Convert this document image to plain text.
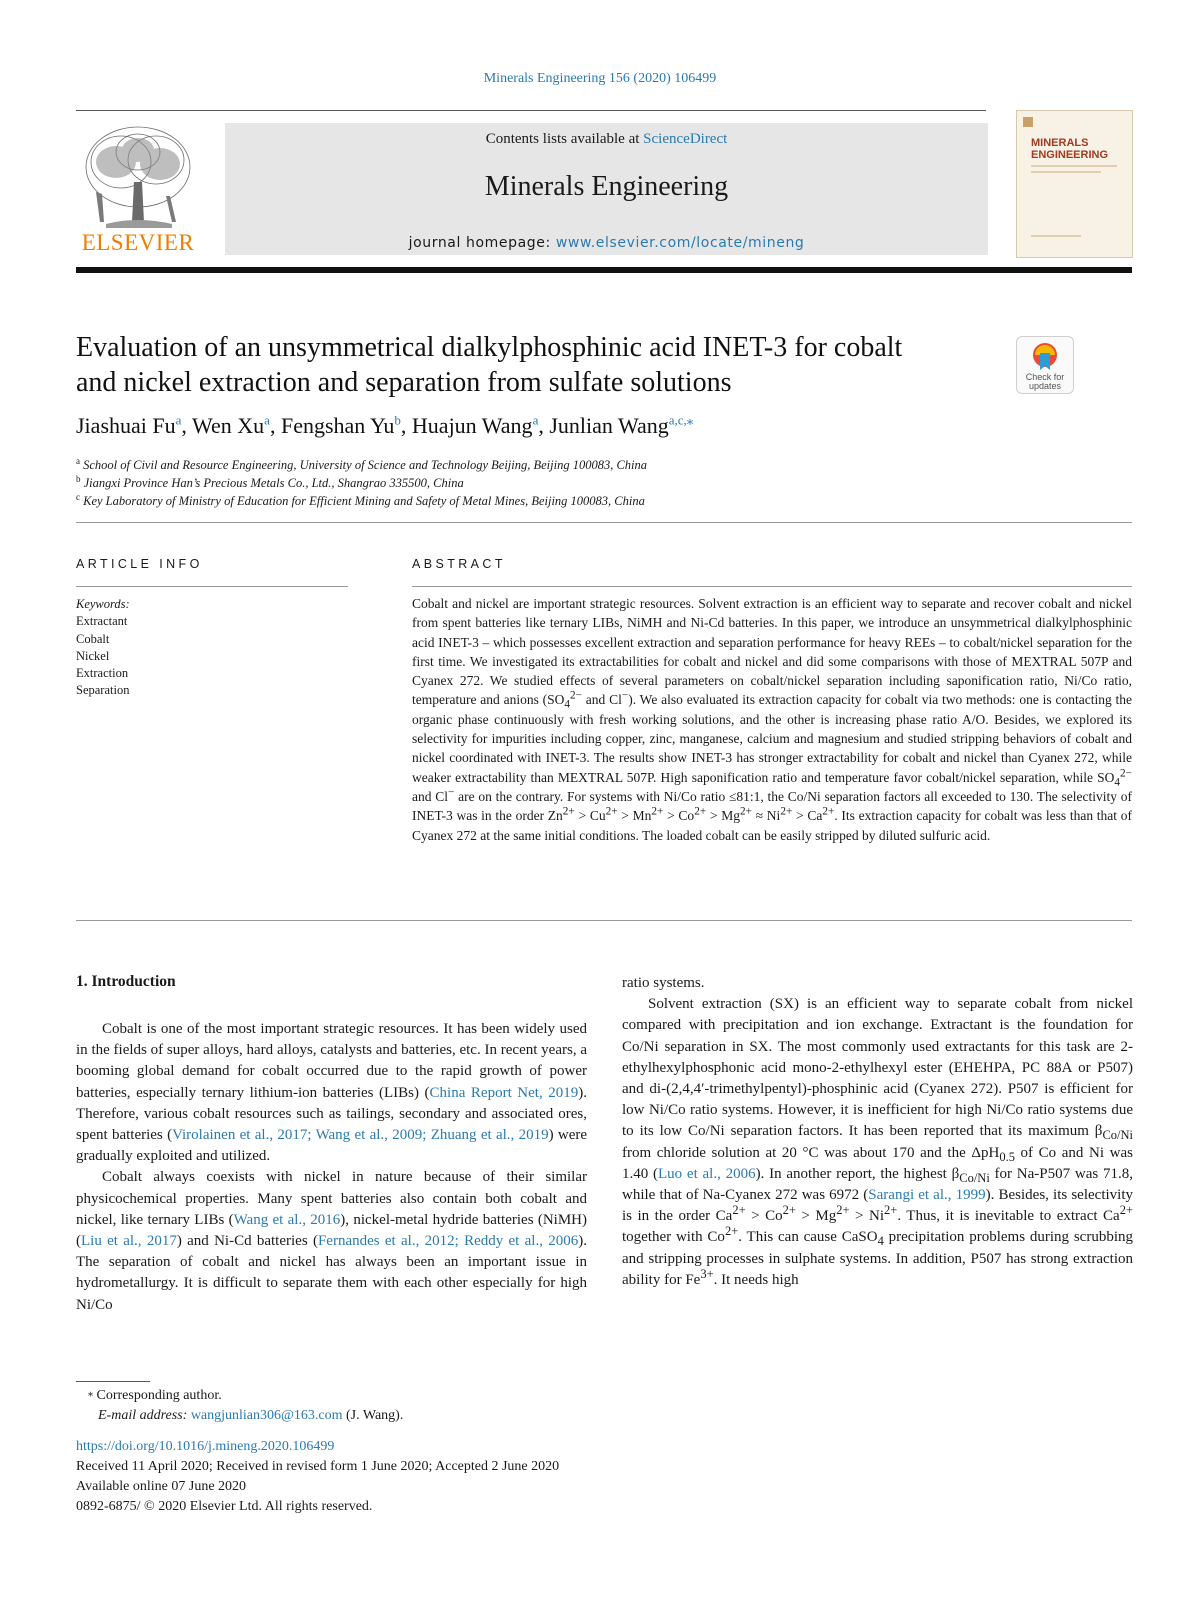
Minerals Engineering 156 (2020) 106499
ELSEVIER
Contents lists available at ScienceDirect
Minerals Engineering
journal homepage: www.elsevier.com/locate/mineng
MINERALS
ENGINEERING
Evaluation of an unsymmetrical dialkylphosphinic acid INET-3 for cobalt
and nickel extraction and separation from sulfate solutions	Check for
updates
Jiashuai Fu$^a$, Wen Xu$^a$, Fengshan Yu$^b$, Huajun Wang$^a$, Junlian Wang$^{a,c,⁎}$
$^a$ School of Civil and Resource Engineering, University of Science and Technology Beijing, Beijing 100083, China
$^b$ Jiangxi Province Han’s Precious Metals Co., Ltd., Shangrao 335500, China
$^c$ Key Laboratory of Ministry of Education for Efficient Mining and Safety of Metal Mines, Beijing 100083, China
ARTICLE INFO
Keywords:
Extractant
Cobalt
Nickel
Extraction
Separation
ABSTRACT
Cobalt and nickel are important strategic resources. Solvent extraction is an efficient way to separate and recover cobalt and nickel from spent batteries like ternary LIBs, NiMH and Ni-Cd batteries. In this paper, we introduce an unsymmetrical dialkylphosphinic acid INET-3 – which possesses excellent extraction and separation performance for heavy REEs – to cobalt/nickel separation for the first time. We investigated its extractabilities for cobalt and nickel and did some comparisons with those of MEXTRAL 507P and Cyanex 272. We studied effects of several parameters on cobalt/nickel separation including saponification ratio, Ni/Co ratio, temperature and anions ($SO_4^{2-}$ and Cl−). We also evaluated its extraction capacity for cobalt via two methods: one is contacting the organic phase continuously with fresh working solutions, and the other is increasing phase ratio A/O. Besides, we explored its selectivity for impurities including copper, zinc, manganese, calcium and magnesium and studied stripping behaviors of cobalt and nickel coordinated with INET-3. The results show INET-3 has stronger extractability for cobalt and nickel than Cyanex 272, while weaker extractability than MEXTRAL 507P. High saponification ratio and temperature favor cobalt/nickel separation, while $SO_4^{2-}$ and Cl− are on the contrary. For systems with Ni/Co ratio ≤81:1, the Co/Ni separation factors all exceeded to 130. The selectivity of INET-3 was in the order $Zn^{2+} > Cu^{2+} > Mn^{2+} > Co^{2+} > Mg^{2+} \approx Ni^{2+} > Ca^{2+}$. Its extraction capacity for cobalt was less than that of Cyanex 272 at the same initial conditions. The loaded cobalt can be easily stripped by diluted sulfuric acid.
1. Introduction

Cobalt is one of the most important strategic resources. It has been widely used in the fields of super alloys, hard alloys, catalysts and batteries, etc. In recent years, a booming global demand for cobalt occurred due to the rapid growth of power batteries, especially ternary lithium-ion batteries (LIBs) (China Report Net, 2019). Therefore, various cobalt resources such as tailings, secondary and associated ores, spent batteries (Virolainen et al., 2017; Wang et al., 2009; Zhuang et al., 2019) were gradually exploited and utilized.

Cobalt always coexists with nickel in nature because of their similar physicochemical properties. Many spent batteries also contain both cobalt and nickel, like ternary LIBs (Wang et al., 2016), nickel-metal hydride batteries (NiMH) (Liu et al., 2017) and Ni-Cd batteries (Fernandes et al., 2012; Reddy et al., 2006). The separation of cobalt and nickel has always been an important issue in hydrometallurgy. It is difficult to separate them with each other especially for high Ni/Co

ratio systems.

Solvent extraction (SX) is an efficient way to separate cobalt from nickel compared with precipitation and ion exchange. Extractant is the foundation for Co/Ni separation in SX. The most commonly used extractants for this task are 2-ethylhexylphosphonic acid mono-2-ethylhexyl ester (EHEHPA, PC 88A or P507) and di-(2,4,4′-trimethylpentyl)-phosphinic acid (Cyanex 272). P507 is efficient for low Ni/Co ratio systems. However, it is inefficient for high Ni/Co ratio systems due to its low Co/Ni separation factors. It has been reported that its maximum $\beta_{Co/Ni}$ from chloride solution at 20 °C was about 170 and the ΔpH$_{0.5}$ of Co and Ni was 1.40 (Luo et al., 2006). In another report, the highest $\beta_{Co/Ni}$ for Na-P507 was 71.8, while that of Na-Cyanex 272 was 6972 (Sarangi et al., 1999). Besides, its selectivity is in the order $Ca^{2+} > Co^{2+} > Mg^{2+} > Ni^{2+}$. Thus, it is inevitable to extract $Ca^{2+}$ together with $Co^{2+}$. This can cause CaSO$_4$ precipitation problems during scrubbing and stripping processes in sulphate systems. In addition, P507 has strong extraction ability for $Fe^{3+}$. It needs high

⁎ Corresponding author.
E-mail address: wangjunlian306@163.com (J. Wang).
https://doi.org/10.1016/j.mineng.2020.106499
Received 11 April 2020; Received in revised form 1 June 2020; Accepted 2 June 2020
Available online 07 June 2020
0892-6875/ © 2020 Elsevier Ltd. All rights reserved.
